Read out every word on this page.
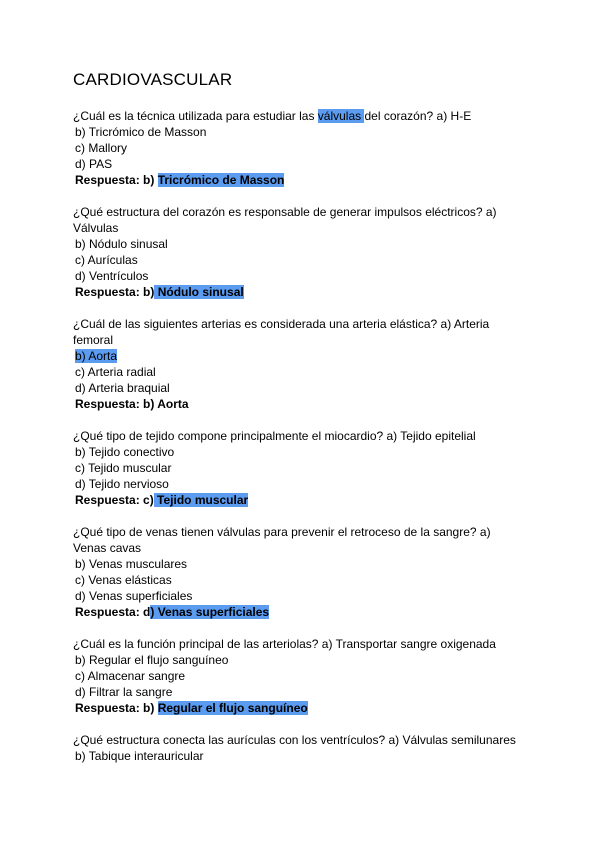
CARDIOVASCULAR
¿Cuál es la técnica utilizada para estudiar las válvulas del corazón? a) H-E
b) Tricrómico de Masson
c) Mallory
d) PAS
Respuesta: b) Tricrómico de Masson
¿Qué estructura del corazón es responsable de generar impulsos eléctricos? a)
Válvulas
b) Nódulo sinusal
c) Aurículas
d) Ventrículos
Respuesta: b) Nódulo sinusal
¿Cuál de las siguientes arterias es considerada una arteria elástica? a) Arteria
femoral
b) Aorta
c) Arteria radial
d) Arteria braquial
Respuesta: b) Aorta
¿Qué tipo de tejido compone principalmente el miocardio? a) Tejido epitelial
b) Tejido conectivo
c) Tejido muscular
d) Tejido nervioso
Respuesta: c) Tejido muscular
¿Qué tipo de venas tienen válvulas para prevenir el retroceso de la sangre? a)
Venas cavas
b) Venas musculares
c) Venas elásticas
d) Venas superficiales
Respuesta: d) Venas superficiales
¿Cuál es la función principal de las arteriolas? a) Transportar sangre oxigenada
b) Regular el flujo sanguíneo
c) Almacenar sangre
d) Filtrar la sangre
Respuesta: b) Regular el flujo sanguíneo
¿Qué estructura conecta las aurículas con los ventrículos? a) Válvulas semilunares
b) Tabique interauricular
